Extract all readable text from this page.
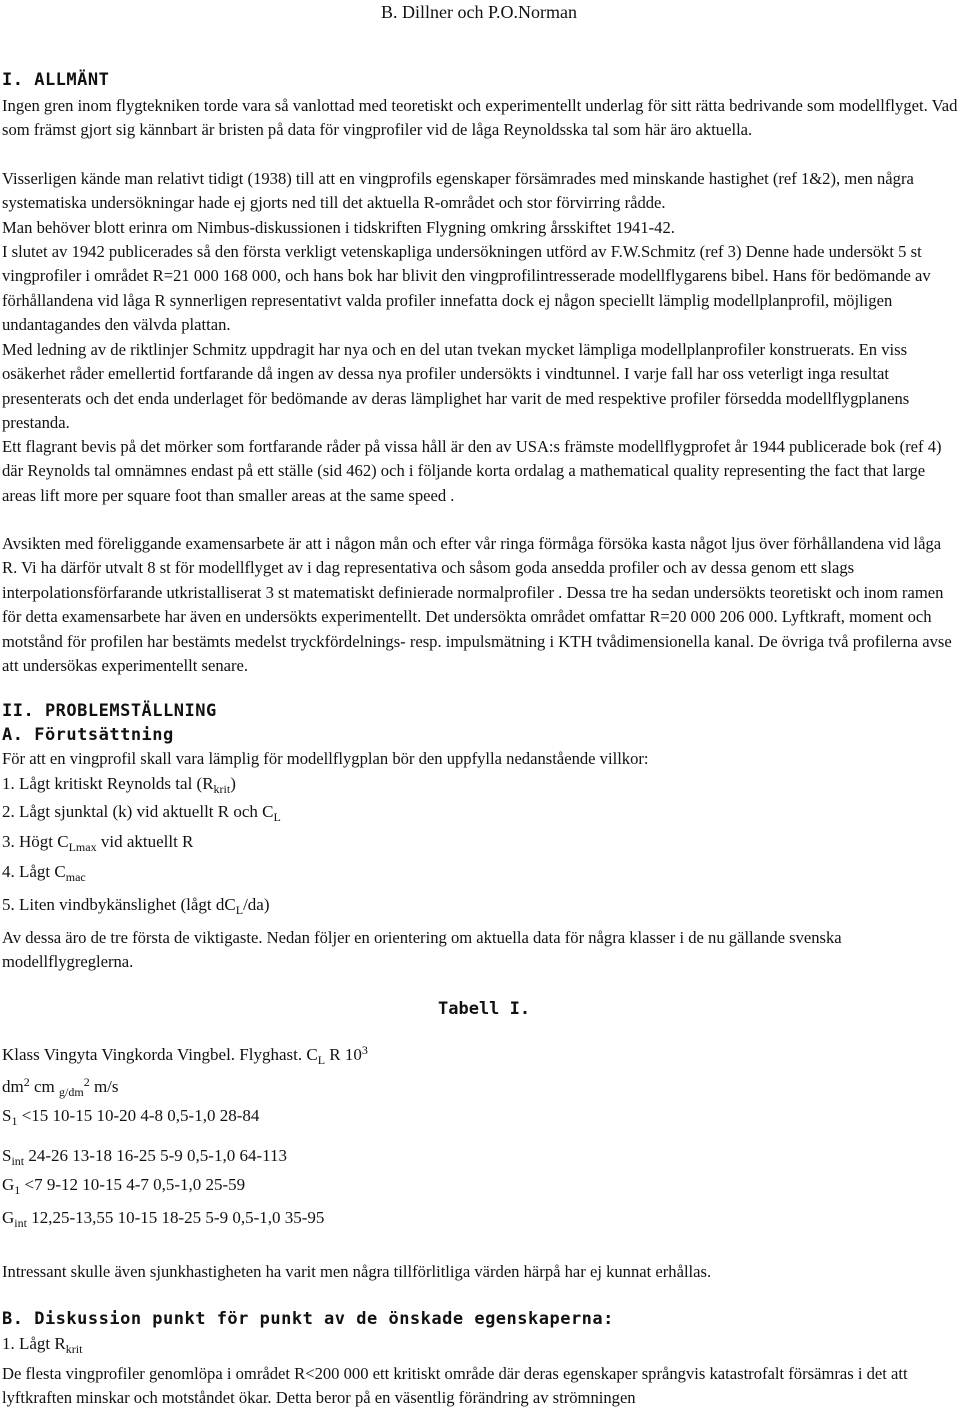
B. Dillner och P.O.Norman
I. ALLMÄNT
Ingen gren inom flygtekniken torde vara så vanlottad med teoretiskt och experimentellt underlag för sitt rätta bedrivande som modellflyget. Vad som främst gjort sig kännbart är bristen på data för vingprofiler vid de låga Reynoldsska tal som här äro aktuella.
Visserligen kände man relativt tidigt (1938) till att en vingprofils egenskaper försämrades med minskande hastighet (ref 1&2), men några systematiska undersökningar hade ej gjorts ned till det aktuella R-området och stor förvirring rådde.
Man behöver blott erinra om Nimbus-diskussionen i tidskriften Flygning omkring årsskiftet 1941-42.
I slutet av 1942 publicerades så den första verkligt vetenskapliga undersökningen utförd av F.W.Schmitz (ref 3) Denne hade undersökt 5 st vingprofiler i området R=21 000 168 000, och hans bok har blivit den vingprofilintresserade modellflygarens bibel. Hans för bedömande av förhållandena vid låga R synnerligen representativt valda profiler innefatta dock ej någon speciellt lämplig modellplanprofil, möjligen undantagandes den välvda plattan.
Med ledning av de riktlinjer Schmitz uppdragit har nya och en del utan tvekan mycket lämpliga modellplanprofiler konstruerats. En viss osäkerhet råder emellertid fortfarande då ingen av dessa nya profiler undersökts i vindtunnel. I varje fall har oss veterligt inga resultat presenterats och det enda underlaget för bedömande av deras lämplighet har varit de med respektive profiler försedda modellflygplanens prestanda.
Ett flagrant bevis på det mörker som fortfarande råder på vissa håll är den av USA:s främste modellflygprofet år 1944 publicerade bok (ref 4) där Reynolds tal omnämnes endast på ett ställe (sid 462) och i följande korta ordalag a mathematical quality representing the fact that large areas lift more per square foot than smaller areas at the same speed .
Avsikten med föreliggande examensarbete är att i någon mån och efter vår ringa förmåga försöka kasta något ljus över förhållandena vid låga R. Vi ha därför utvalt 8 st för modellflyget av i dag representativa och såsom goda ansedda profiler och av dessa genom ett slags interpolationsförfarande utkristalliserat 3 st matematiskt definierade normalprofiler . Dessa tre ha sedan undersökts teoretiskt och inom ramen för detta examensarbete har även en undersökts experimentellt. Det undersökta området omfattar R=20 000 206 000. Lyftkraft, moment och motstånd för profilen har bestämts medelst tryckfördelnings- resp. impulsmätning i KTH tvådimensionella kanal. De övriga två profilerna avse att undersökas experimentellt senare.
II. PROBLEMSTÄLLNING
A. Förutsättning
För att en vingprofil skall vara lämplig för modellflygplan bör den uppfylla nedanstående villkor:
1. Lågt kritiskt Reynolds tal $(R_{krit})$
2. Lågt sjunktal (k) vid aktuellt R och $C_L$
3. Högt $C_{Lmax}$ vid aktuellt R
4. Lågt $C_{mac}$
5. Liten vindbykänslighet (lågt $dC_L/da$)
Av dessa äro de tre första de viktigaste. Nedan följer en orientering om aktuella data för några klasser i de nu gällande svenska modellflygreglerna.
Tabell I.
Klass Vingyta Vingkorda Vingbel. Flyghast. $C_L$ R $10^3$
$dm^2$ cm $_{g/dm}^2$ m/s
$S_1 <15$ 10-15 10-20 4-8 0,5-1,0 28-84
$S_{int}$ 24-26 13-18 16-25 5-9 0,5-1,0 64-113
$G_1 <7$ 9-12 10-15 4-7 0,5-1,0 25-59
$G_{int}$ 12,25-13,55 10-15 18-25 5-9 0,5-1,0 35-95
Intressant skulle även sjunkhastigheten ha varit men några tillförlitliga värden härpå har ej kunnat erhållas.
B. Diskussion punkt för punkt av de önskade egenskaperna:
1. Lågt $R_{krit}$
De flesta vingprofiler genomlöpa i området R<200 000 ett kritiskt område där deras egenskaper språngvis katastrofalt försämras i det att lyftkraften minskar och motståndet ökar. Detta beror på en väsentlig förändring av strömningen
